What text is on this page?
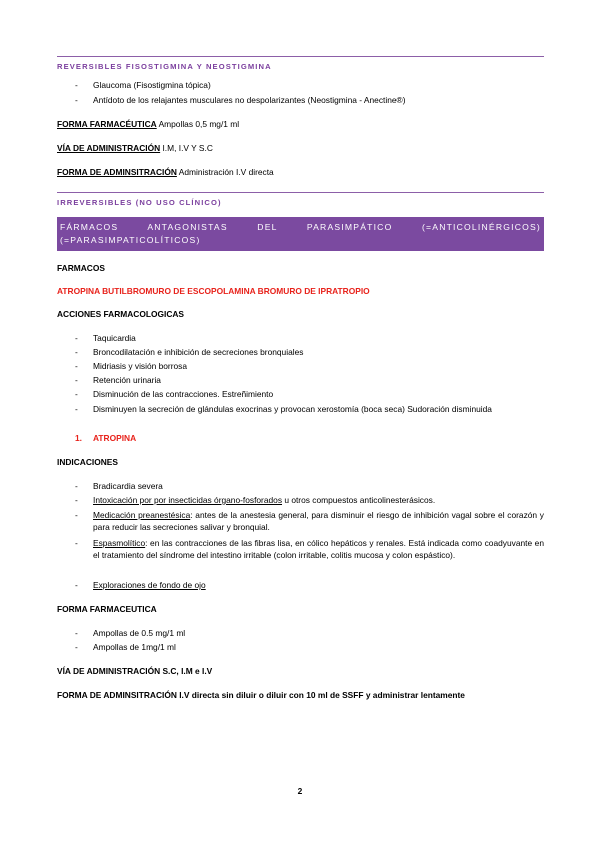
REVERSIBLES FISOSTIGMINA Y NEOSTIGMINA
- Glaucoma (Fisostigmina tópica)
- Antídoto de los relajantes musculares no despolarizantes (Neostigmina - Anectine®)
FORMA FARMACÉUTICA Ampollas 0,5 mg/1 ml
VÍA DE ADMINISTRACIÓN I.M, I.V Y S.C
FORMA DE ADMINSITRACIÓN Administración I.V directa
IRREVERSIBLES (NO USO CLÍNICO)
FÁRMACOS ANTAGONISTAS DEL PARASIMPÁTICO (=ANTICOLINÉRGICOS) (=PARASIMPATICOLÍTICOS)
FARMACOS
ATROPINA BUTILBROMURO DE ESCOPOLAMINA BROMURO DE IPRATROPIO
ACCIONES FARMACOLOGICAS
- Taquicardia
- Broncodilatación e inhibición de secreciones bronquiales
- Midriasis y visión borrosa
- Retención urinaria
- Disminución de las contracciones. Estreñimiento
- Disminuyen la secreción de glándulas exocrinas y provocan xerostomía (boca seca) Sudoración disminuida
1. ATROPINA
INDICACIONES
- Bradicardia severa
- Intoxicación por por insecticidas órgano-fosforados u otros compuestos anticolinesterásicos.
- Medicación preanestésica: antes de la anestesia general, para disminuir el riesgo de inhibición vagal sobre el corazón y para reducir las secreciones salivar y bronquial.
- Espasmolítico: en las contracciones de las fibras lisa, en cólico hepáticos y renales. Está indicada como coadyuvante en el tratamiento del síndrome del intestino irritable (colon irritable, colitis mucosa y colon espástico).
- Exploraciones de fondo de ojo
FORMA FARMACEUTICA
- Ampollas de 0.5 mg/1 ml
- Ampollas de 1mg/1 ml
VÍA DE ADMINISTRACIÓN S.C, I.M e I.V
FORMA DE ADMINSITRACIÓN I.V directa sin diluir o diluir con 10 ml de SSFF y administrar lentamente
2
